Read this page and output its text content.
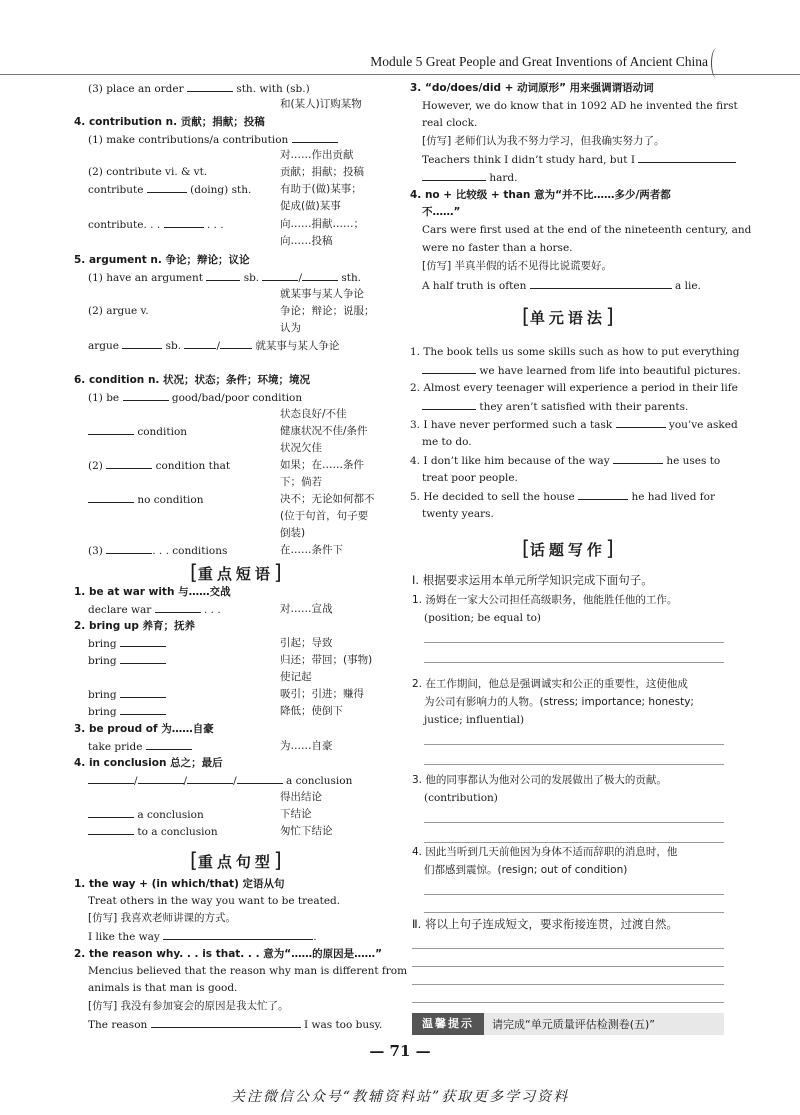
Module 5 Great People and Great Inventions of Ancient China
(3) place an order	sth. with (sb.)
和(某人)订购某物
4. contribution n. 贡献；捐献；投稿
(1) make contributions/a contribution
对……作出贡献
(2) contribute vi. & vt.	贡献；捐献；投稿
contribute	(doing) sth.	有助于(做)某事；
促成(做)某事
contribute. . .	. . .	向……捐献……；
向……投稿
5. argument n. 争论；辩论；议论
(1) have an argument	sb.	/	sth.
就某事与某人争论
(2) argue v.	争论；辩论；说服；
认为
argue	sb.	/	就某事与某人争论
6. condition n. 状况；状态；条件；环境；境况
(1) be	good/bad/poor condition
状态良好/不佳
condition	健康状况不佳/条件
状况欠佳
(2)	condition that	如果；在……条件
下；倘若
no condition	决不；无论如何都不
(位于句首，句子要
倒装)
(3)	. . . conditions	在……条件下
[重点短语]
1. be at war with 与……交战
declare war	. . .	对……宣战
2. bring up 养育；抚养
bring	引起；导致
bring	归还；带回；(事物)
使记起
bring	吸引；引进；赚得
bring	降低；使倒下
3. be proud of 为……自豪
take pride	为……自豪
4. in conclusion 总之；最后
/	/	/	a conclusion
得出结论
a conclusion	下结论
to a conclusion	匆忙下结论
[重点句型]
1. the way + (in which/that) 定语从句
Treat others in the way you want to be treated.
[仿写] 我喜欢老师讲课的方式。
I like the way	.
2. the reason why. . . is that. . . 意为“……的原因是……”
Mencius believed that the reason why man is different from
animals is that man is good.
[仿写] 我没有参加宴会的原因是我太忙了。
The reason	I was too busy.
3. “do/does/did + 动词原形” 用来强调谓语动词
However, we do know that in 1092 AD he invented the first
real clock.
[仿写] 老师们认为我不努力学习，但我确实努力了。
Teachers think I didn’t study hard, but I
hard.
4. no + 比较级 + than 意为“并不比……多少/两者都
不……”
Cars were first used at the end of the nineteenth century, and
were no faster than a horse.
[仿写] 半真半假的话不见得比说谎要好。
A half truth is often	a lie.
[单元语法]
1. The book tells us some skills such as how to put everything
we have learned from life into beautiful pictures.
2. Almost every teenager will experience a period in their life
they aren’t satisfied with their parents.
3. I have never performed such a task	you’ve asked
me to do.
4. I don’t like him because of the way	he uses to
treat poor people.
5. He decided to sell the house	he had lived for
twenty years.
[话题写作]
Ⅰ. 根据要求运用本单元所学知识完成下面句子。
1. 汤姆在一家大公司担任高级职务，他能胜任他的工作。
(position; be equal to)
2. 在工作期间，他总是强调诚实和公正的重要性，这使他成
为公司有影响力的人物。(stress; importance; honesty;
justice; influential)
3. 他的同事都认为他对公司的发展做出了极大的贡献。
(contribution)
4. 因此当听到几天前他因为身体不适而辞职的消息时，他
们都感到震惊。(resign; out of condition)
Ⅱ. 将以上句子连成短文，要求衔接连贯，过渡自然。
温馨提示	请完成“单元质量评估检测卷(五)”
— 71 —
关注微信公众号“教辅资料站”获取更多学习资料
